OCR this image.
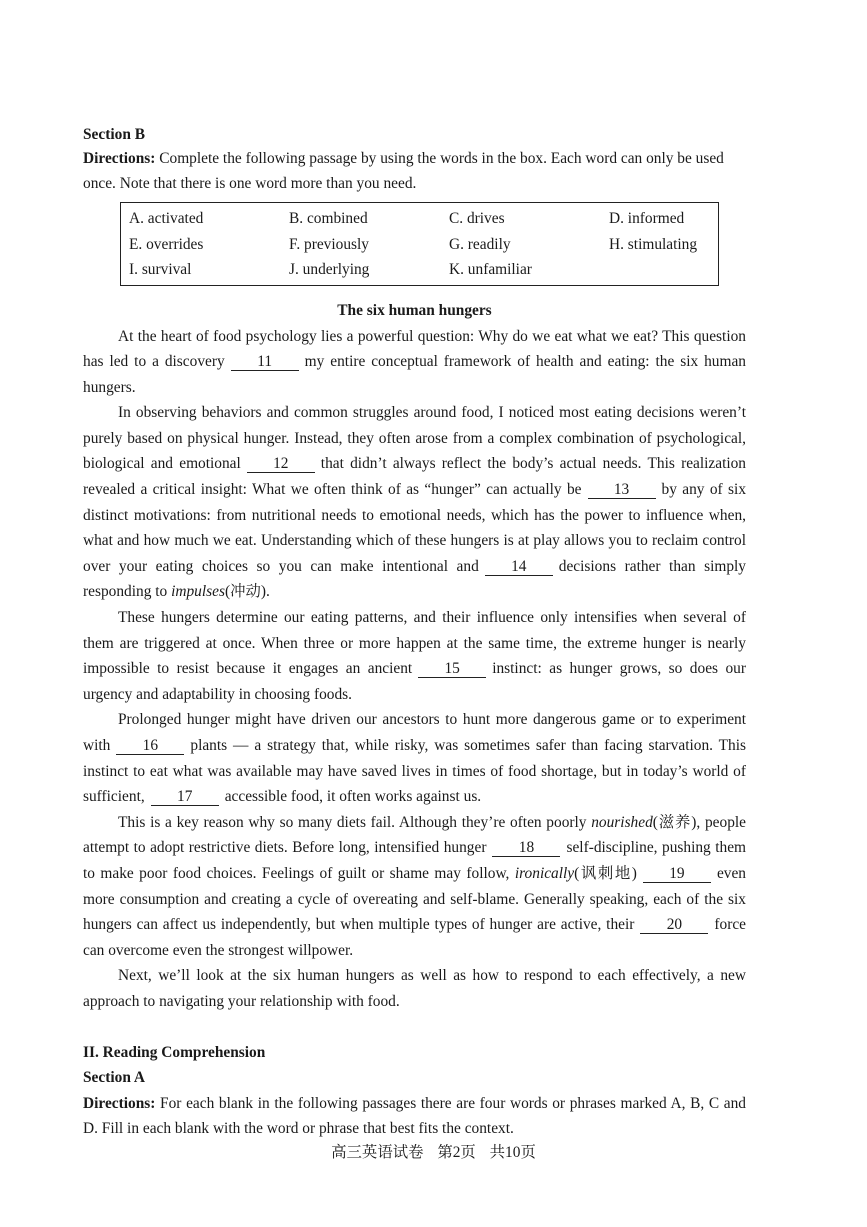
Section B
Directions: Complete the following passage by using the words in the box. Each word can only be used once. Note that there is one word more than you need.
A. activated	B. combined	C. drives	D. informed
E. overrides	F. previously	G. readily	H. stimulating
I. survival	J. underlying	K. unfamiliar
The six human hungers

At the heart of food psychology lies a powerful question: Why do we eat what we eat? This question has led to a discovery 11 my entire conceptual framework of health and eating: the six human hungers.

In observing behaviors and common struggles around food, I noticed most eating decisions weren’t purely based on physical hunger. Instead, they often arose from a complex combination of psychological, biological and emotional 12 that didn’t always reflect the body’s actual needs. This realization revealed a critical insight: What we often think of as “hunger” can actually be 13 by any of six distinct motivations: from nutritional needs to emotional needs, which has the power to influence when, what and how much we eat. Understanding which of these hungers is at play allows you to reclaim control over your eating choices so you can make intentional and 14 decisions rather than simply responding to impulses(冲动).

These hungers determine our eating patterns, and their influence only intensifies when several of them are triggered at once. When three or more happen at the same time, the extreme hunger is nearly impossible to resist because it engages an ancient 15 instinct: as hunger grows, so does our urgency and adaptability in choosing foods.

Prolonged hunger might have driven our ancestors to hunt more dangerous game or to experiment with 16 plants — a strategy that, while risky, was sometimes safer than facing starvation. This instinct to eat what was available may have saved lives in times of food shortage, but in today’s world of sufficient, 17 accessible food, it often works against us.

This is a key reason why so many diets fail. Although they’re often poorly nourished(滋养), people attempt to adopt restrictive diets. Before long, intensified hunger 18 self-discipline, pushing them to make poor food choices. Feelings of guilt or shame may follow, ironically(讽刺地) 19 even more consumption and creating a cycle of overeating and self-blame. Generally speaking, each of the six hungers can affect us independently, but when multiple types of hunger are active, their 20 force can overcome even the strongest willpower.

Next, we’ll look at the six human hungers as well as how to respond to each effectively, a new approach to navigating your relationship with food.

II. Reading Comprehension
Section A
Directions: For each blank in the following passages there are four words or phrases marked A, B, C and D. Fill in each blank with the word or phrase that best fits the context.
高三英语试卷 第2页 共10页
